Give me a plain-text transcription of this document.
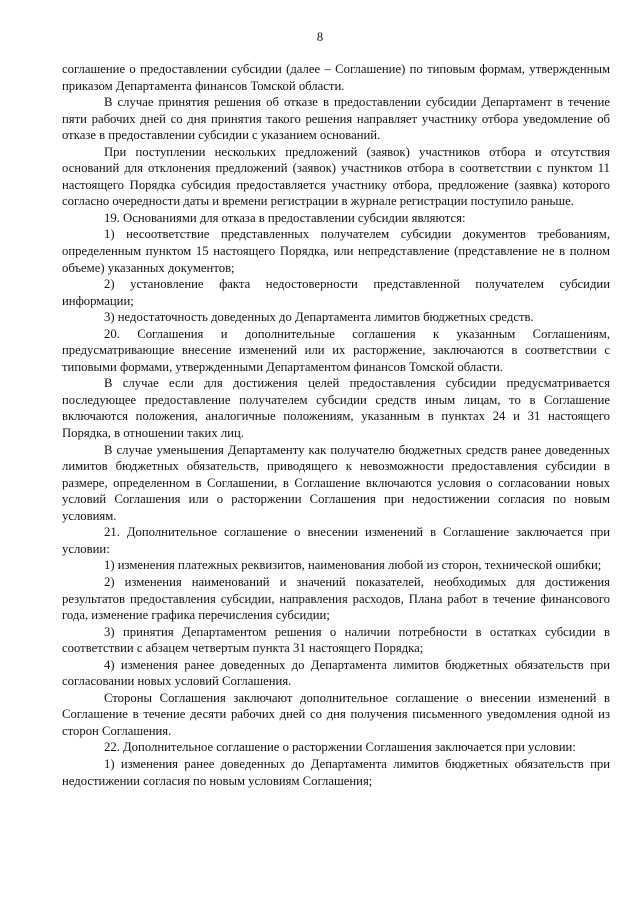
8

соглашение о предоставлении субсидии (далее – Соглашение) по типовым формам, утвержденным приказом Департамента финансов Томской области.

В случае принятия решения об отказе в предоставлении субсидии Департамент в течение пяти рабочих дней со дня принятия такого решения направляет участнику отбора уведомление об отказе в предоставлении субсидии с указанием оснований.

При поступлении нескольких предложений (заявок) участников отбора и отсутствия оснований для отклонения предложений (заявок) участников отбора в соответствии с пунктом 11 настоящего Порядка субсидия предоставляется участнику отбора, предложение (заявка) которого согласно очередности даты и времени регистрации в журнале регистрации поступило раньше.

19. Основаниями для отказа в предоставлении субсидии являются:

1) несоответствие представленных получателем субсидии документов требованиям, определенным пунктом 15 настоящего Порядка, или непредставление (представление не в полном объеме) указанных документов;

2) установление факта недостоверности представленной получателем субсидии информации;

3) недостаточность доведенных до Департамента лимитов бюджетных средств.

20. Соглашения и дополнительные соглашения к указанным Соглашениям, предусматривающие внесение изменений или их расторжение, заключаются в соответствии с типовыми формами, утвержденными Департаментом финансов Томской области.

В случае если для достижения целей предоставления субсидии предусматривается последующее предоставление получателем субсидии средств иным лицам, то в Соглашение включаются положения, аналогичные положениям, указанным в пунктах 24 и 31 настоящего Порядка, в отношении таких лиц.

В случае уменьшения Департаменту как получателю бюджетных средств ранее доведенных лимитов бюджетных обязательств, приводящего к невозможности предоставления субсидии в размере, определенном в Соглашении, в Соглашение включаются условия о согласовании новых условий Соглашения или о расторжении Соглашения при недостижении согласия по новым условиям.

21. Дополнительное соглашение о внесении изменений в Соглашение заключается при условии:

1) изменения платежных реквизитов, наименования любой из сторон, технической ошибки;

2) изменения наименований и значений показателей, необходимых для достижения результатов предоставления субсидии, направления расходов, Плана работ в течение финансового года, изменение графика перечисления субсидии;

3) принятия Департаментом решения о наличии потребности в остатках субсидии в соответствии с абзацем четвертым пункта 31 настоящего Порядка;

4) изменения ранее доведенных до Департамента лимитов бюджетных обязательств при согласовании новых условий Соглашения.

Стороны Соглашения заключают дополнительное соглашение о внесении изменений в Соглашение в течение десяти рабочих дней со дня получения письменного уведомления одной из сторон Соглашения.

22. Дополнительное соглашение о расторжении Соглашения заключается при условии:

1) изменения ранее доведенных до Департамента лимитов бюджетных обязательств при недостижении согласия по новым условиям Соглашения;
